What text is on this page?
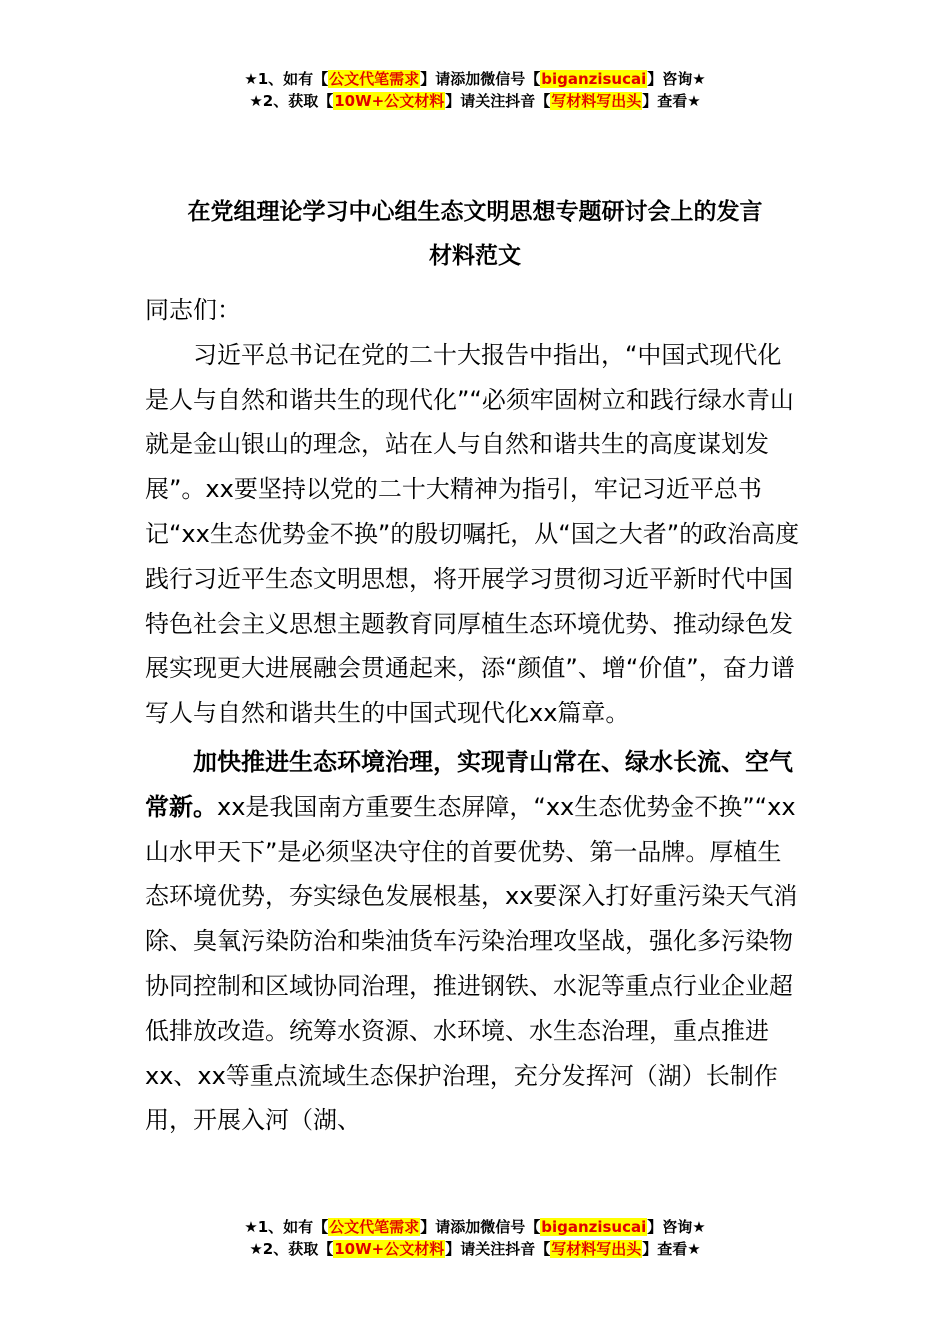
★1、如有【公文代笔需求】请添加微信号【biganzisucai】咨询★
★2、获取【10W+公文材料】请关注抖音【写材料写出头】查看★
在党组理论学习中心组生态文明思想专题研讨会上的发言
材料范文

同志们：

习近平总书记在党的二十大报告中指出，“中国式现代化是人与自然和谐共生的现代化”“必须牢固树立和践行绿水青山就是金山银山的理念，站在人与自然和谐共生的高度谋划发展”。xx要坚持以党的二十大精神为指引，牢记习近平总书记“xx生态优势金不换”的殷切嘱托，从“国之大者”的政治高度践行习近平生态文明思想，将开展学习贯彻习近平新时代中国特色社会主义思想主题教育同厚植生态环境优势、推动绿色发展实现更大进展融会贯通起来，添“颜值”、增“价值”，奋力谱写人与自然和谐共生的中国式现代化xx篇章。

加快推进生态环境治理，实现青山常在、绿水长流、空气常新。xx是我国南方重要生态屏障，“xx生态优势金不换”“xx山水甲天下”是必须坚决守住的首要优势、第一品牌。厚植生态环境优势，夯实绿色发展根基，xx要深入打好重污染天气消除、臭氧污染防治和柴油货车污染治理攻坚战，强化多污染物协同控制和区域协同治理，推进钢铁、水泥等重点行业企业超低排放改造。统筹水资源、水环境、水生态治理，重点推进xx、xx等重点流域生态保护治理，充分发挥河（湖）长制作用，开展入河（湖、

★1、如有【公文代笔需求】请添加微信号【biganzisucai】咨询★
★2、获取【10W+公文材料】请关注抖音【写材料写出头】查看★
